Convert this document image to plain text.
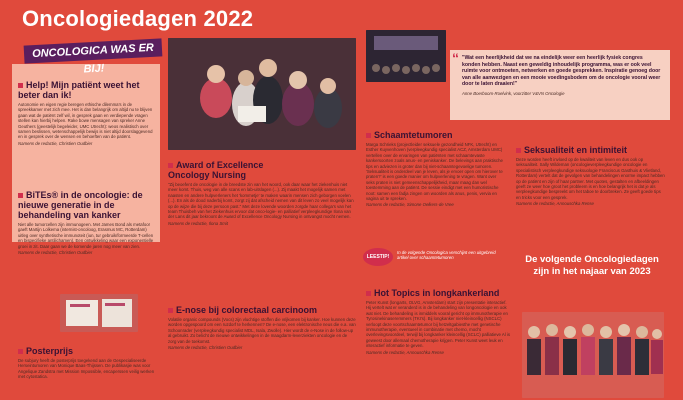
Oncologiedagen 2022
ONCOLOGICA WAS ER BIJ!

Help! Mijn patiënt weet het beter dan ik!

Autonomie en eigen regie beregen ethische dilemma's in de spreekkamer met zich mee. Het is dan belangrijk om altijd nu te blijven gaan wat de patiënt zelf wil, in gesprek gaan en verdiepende vragen stellen kan hierbij helpen. Rake bowe mensagen van spreker Anne Geuthers (geestelijk begeleider, UMC Utrecht): weos realistisch over samen beslissen, wetenschappelijk bewijs is niet altijd doorslaggevend en in gesprek over de wensen en behoeften van de patiënt.

Namens de redactie, Christien Oudbier

BiTEs® in de oncologie: de nieuwe generatie in de behandeling van kanker

Niet alle tumorcellen zijn immunogeen. Met James Bond als metafoor gaeft Martijn Lolkema (internist-oncoloog, Erasmus MC, Rotterdam) uitleg over synthetische immunoteit (iun, tur gebruik/formeerde T-cellen en bispecifieke antilichamen). Een ontwikkeling waar een exponentielle groei in zit. Daar gaan we de komende jaren nog meer van zien.

Namens de redactie, Christien Oudbier

Posterprijs

De subjury heeft de posterprijs toegekend aan de Gespecialiseerde Herseintumoren van Monique Baas-Thijssen. De publikasjie was voor Angelique Zandstra met Mission Impossible, encaperssen veilig werken met cytostatica.

Award of Excellence Oncology Nursing

"Zij beoefent de oncologie in de breedste zin van het woord, ook daar waar het ziekenhuis niet meer komt. Thuis, weg van alle scans en lab-uitslagen (...). Zij maakt het mogelijk samen met naasten en andere hulpverleners het 'kommetje' te maken waarin mensen zich geborgen voelen (...). En als de dood naderbij komt, zorgt zij dat afscheid nemen van dit leven zo veel mogelijk kan op de wijze die bij deze persoon past." Met deze lovende woorden zorgde haar collega's van het team Thuisbeh van het Ziekenhuis ervoor dat onco-logie- en palliatief verpleegkundige Ilona van der Lans dit jaar bekroont de Award of Excellence Oncology Nursing in ontvangst mocht nemen.

Namens de redactie, Ilona Smit

E-nose bij colorectaal carcinoom

Volatile organic compounds (Vocs) zijn vluchtige stoffen die vrijkomen bij kanker. Hoe kunnen deze worden opgespoord om een ruzdorf te herkennen? De e-nose, een elektronische neus die e.a. van Schoonrader (verpleegkundig specialist MDL, Isala, Zwolle). Hier wordt de e-Nose in de follow-up al gebruikt. Zo belicht de nieuwe ontwikkelingen in de maagdarm-leverziekten oncologie en de zorg van de toekomst.

Namens de redactie, Christien Oudbier

“ "Wat een heerlijkheid dat we na eindelijk weer een heerlijk fysiek congres konden hebben. Naast een geweldig inhoudelijk programma, was er ook veel ruimte voor ontmoeten, netwerken en goede gesprekken. Inspiratie genoeg door van alle aanwezigen en een mooie voedingsbodem om de oncologie vooral weer door te laten draaien!"

Anne Boerboom-Roelvink, voorzitter V&VN Oncologie

Schaamtetumoren

Marga Schrieks (projectleider seksuele gezondheid NFK, Utrecht) en Esther Kuyvenhoven (verpleegkundig specialist ACZ, Amsterdam UMC) vertellen over de ervaringen van patiënten met schaamtevaste kankersoorten zoals anus- en peniskanker. De belevings aan praktische tips en adviezen is groter dan bij niet-schaamtegevoelige tumoren. 'Seksualiteit is onderdeel van je leven, als je ervoer open om hierover te praten?' is een goede manier om hulpverlening te vragen. Want over seks praten is niet gemeenschappelijkheid, maar maag dan wel toestemming aan de patiënt. De sessie eindigt met een humoristische noot: samen een fadja zingen om woorden als anus, penis, vervia en vagina uit te spreken.

Namens de redactie, Simone Oelkers-de Vree

LEESTIP!
In de volgende Oncologica verschijnt een uitgebreid artikel over schaamtetumoren

Seksualiteit en intimiteit

Deze worden heeft invloed op de kwaliteit van leven en dus ook op seksualiteit. Sally Wildeman (oncologieverpleegkundige oncologie en specialistisch verpleegkundige seksuologie Franciscus Gasthuis & Vlietland, Rotterdam) vertelt dat de gevolgen van behandelingen enorme impact hebben op de patiënt en zijn of haar partner. Met quotes, gestalten en afbeeldingen geeft ze weer hoe groot het probleem is en hoe belangrijk het is dat je als verpleegkundige bespreekt om het taboe te doorbreken. Ze geeft goede tips en tricks voor een gesprek.

Namens de redactie, Annouschka Rense

Hot Topics in longkankerland

Peter Kunst (longarts, OLVG, Amsterdam) start zijn presentatie interactief. Hij vertelt wat er veranderd is in de behandeling van longoncologie en ook wat niet. De behandeling is inmiddels vooral gericht op immunotherapie en Tyrosinekinaseremmers (TKI's). Bij longkanker niet-kleincellig (NSCLC) verloopt deze voortschaamtetumor bij hetzeltgabiesthe met genetische immunotherapie, eventueel in combinatie met chemo, mocht overlevingsvoordeel, terwijl bij longkanker kleincellig (SCLC) palliatieve Al is geweest door allemaal chemotherapie krijgen. Peter Kunst weet leuk en interactief informatie te geven.

Namens de redactie, Annouschka Rense

De volgende Oncologiedagen zijn in het najaar van 2023
